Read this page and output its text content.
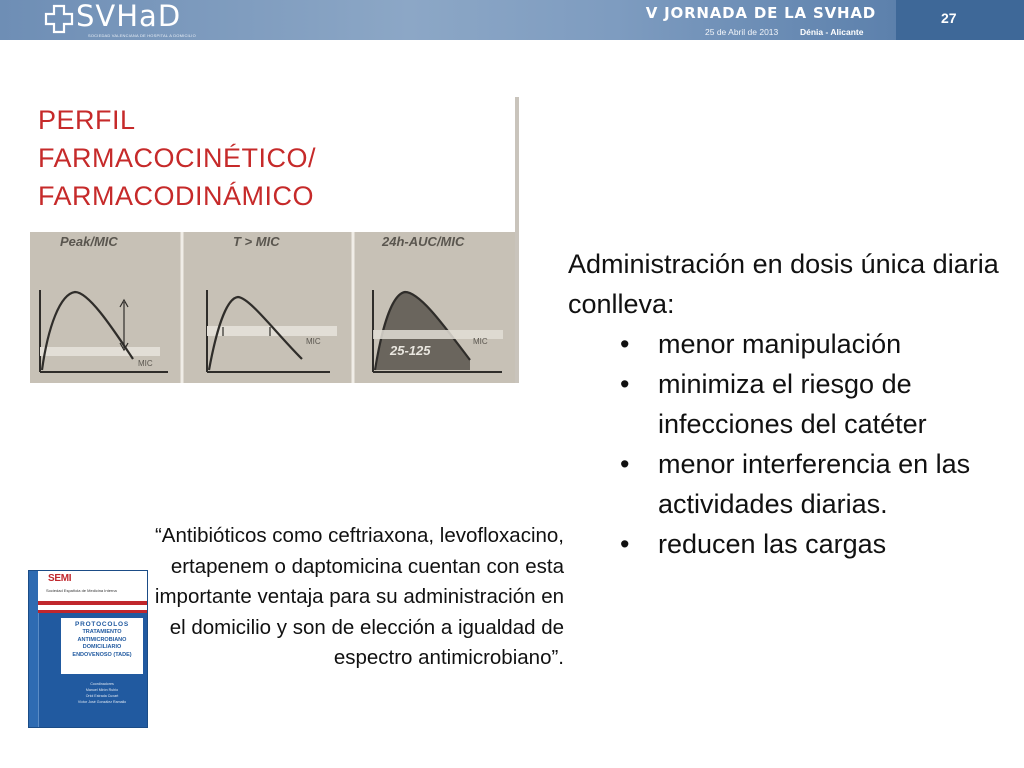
SVHaD
SOCIEDAD VALENCIANA DE HOSPITAL A DOMICILIO
V JORNADA DE LA SVHAD
25 de Abril de 2013	Dénia - Alicante
27
PERFIL
FARMACOCINÉTICO/
FARMACODINÁMICO
MIC
MIC	MIC
25-125
Peak/MIC	T > MIC	24h-AUC/MIC
Administración en dosis única diaria conlleva:
• menor manipulación
• minimiza el riesgo de infecciones del catéter
• menor interferencia en las actividades diarias.
• reducen las cargas
“Antibióticos como ceftriaxona, levofloxacino, ertapenem o daptomicina cuentan con esta importante ventaja para su administración en el domicilio y son de elección a igualdad de espectro antimicrobiano”.
SEMI
Sociedad Española de Medicina Interna
PROTOCOLOS
TRATAMIENTO
ANTIMICROBIANO
DOMICILIARIO
ENDOVENOSO (TADE)
Coordinadores
Manuel Mirón Rubio
Oriol Estrada Cuxart
Víctor José González Ramallo
